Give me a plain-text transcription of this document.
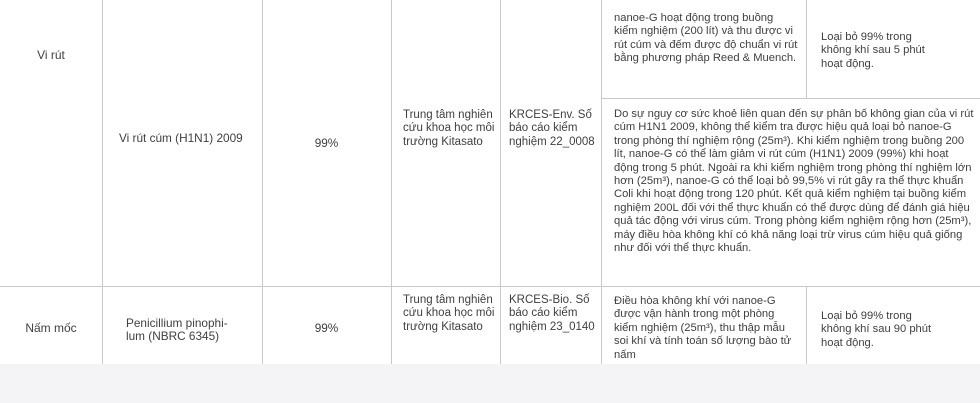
Vi rút
Vi rút cúm (H1N1) 2009	99%
Trung tâm nghiên cứu khoa học môi trường Kitasato
KRCES-Env. Số báo cáo kiểm nghiệm 22_0008
nanoe-G hoạt động trong buồng kiểm nghiệm (200 lít) và thu được vi rút cúm và đếm được độ chuẩn vi rút bằng phương pháp Reed & Muench.
Loại bỏ 99% trong không khí sau 5 phút hoạt động.
Do sự nguy cơ sức khoẻ liên quan đến sự phân bố không gian của vi rút cúm H1N1 2009, không thể kiểm tra được hiệu quả loại bỏ nanoe-G trong phòng thí nghiệm rộng (25m³). Khi kiểm nghiệm trong buồng 200 lít, nanoe-G có thể làm giảm vi rút cúm (H1N1) 2009 (99%) khi hoạt động trong 5 phút. Ngoài ra khi kiểm nghiệm trong phòng thí nghiệm lớn hơn (25m³), nanoe-G có thể loại bỏ 99,5% vi rút gây ra thể thực khuẩn Coli khi hoạt động trong 120 phút. Kết quả kiểm nghiệm tại buồng kiểm nghiệm 200L đối với thể thực khuẩn có thể được dùng để đánh giá hiệu quả tác động với virus cúm. Trong phòng kiểm nghiệm rộng hơn (25m³), máy điều hòa không khí có khả năng loại trừ virus cúm hiệu quả giống như đối với thể thực khuẩn.
Nấm mốc	Penicillium pinophi-lum (NBRC 6345)
99%
Trung tâm nghiên cứu khoa học môi trường Kitasato
KRCES-Bio. Số báo cáo kiểm nghiệm 23_0140
Điều hòa không khí với nanoe-G được vận hành trong một phòng kiểm nghiệm (25m³), thu thập mẫu soi khí và tính toán số lượng bào tử nấm
Loại bỏ 99% trong không khí sau 90 phút hoạt động.
